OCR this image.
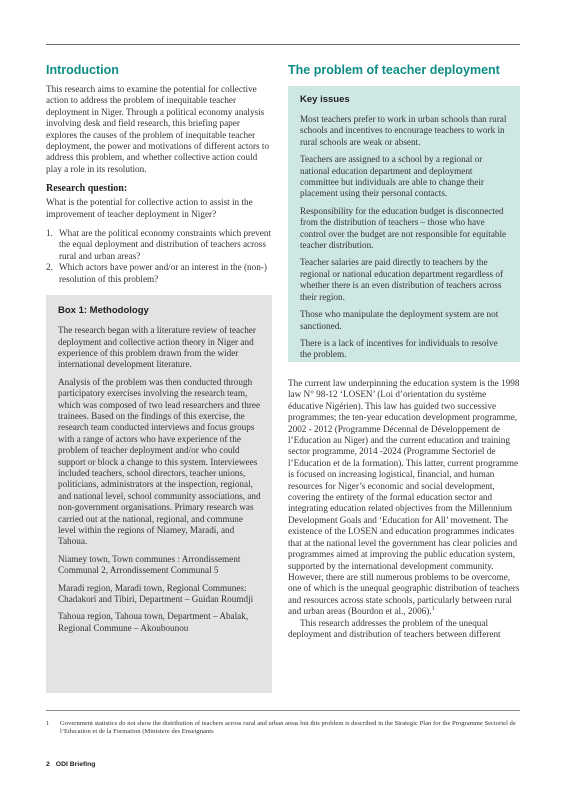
Introduction

This research aims to examine the potential for collective action to address the problem of inequitable teacher deployment in Niger. Through a political economy analysis involving desk and field research, this briefing paper explores the causes of the problem of inequitable teacher deployment, the power and motivations of different actors to address this problem, and whether collective action could play a role in its resolution.

Research question:

What is the potential for collective action to assist in the improvement of teacher deployment in Niger?

1. What are the political economy constraints which prevent the equal deployment and distribution of teachers across rural and urban areas?
2. Which actors have power and/or an interest in the (non-) resolution of this problem?
Box 1: Methodology

The research began with a literature review of teacher deployment and collective action theory in Niger and experience of this problem drawn from the wider international development literature.

Analysis of the problem was then conducted through participatory exercises involving the research team, which was composed of two lead researchers and three trainees. Based on the findings of this exercise, the research team conducted interviews and focus groups with a range of actors who have experience of the problem of teacher deployment and/or who could support or block a change to this system. Interviewees included teachers, school directors, teacher unions, politicians, administrators at the inspection, regional, and national level, school community associations, and non-government organisations. Primary research was carried out at the national, regional, and commune level within the regions of Niamey, Maradi, and Tahoua.

Niamey town, Town communes : Arrondissement Communal 2, Arrondissement Communal 5

Maradi region, Maradi town, Regional Communes: Chadakori and Tibiri, Department – Guidan Roumdji

Tahoua region, Tahoua town, Department – Abalak, Regional Commune – Akoubounou

The problem of teacher deployment
Key issues

Most teachers prefer to work in urban schools than rural schools and incentives to encourage teachers to work in rural schools are weak or absent.

Teachers are assigned to a school by a regional or national education department and deployment committee but individuals are able to change their placement using their personal contacts.

Responsibility for the education budget is disconnected from the distribution of teachers – those who have control over the budget are not responsible for equitable teacher distribution.

Teacher salaries are paid directly to teachers by the regional or national education department regardless of whether there is an even distribution of teachers across their region.

Those who manipulate the deployment system are not sanctioned.

There is a lack of incentives for individuals to resolve the problem.

The current law underpinning the education system is the 1998 law N° 98-12 ‘LOSEN’ (Loi d’orientation du système éducative Nigérien). This law has guided two successive programmes; the ten-year education development programme, 2002 - 2012 (Programme Décennal de Développement de l’Education au Niger) and the current education and training sector programme, 2014 -2024 (Programme Sectoriel de l’Education et de la formation). This latter, current programme is focused on increasing logistical, financial, and human resources for Niger’s economic and social development, covering the entirety of the formal education sector and integrating education related objectives from the Millennium Development Goals and ‘Education for All’ movement. The existence of the LOSEN and education programmes indicates that at the national level the government has clear policies and programmes aimed at improving the public education system, supported by the international development community. However, there are still numerous problems to be overcome, one of which is the unequal geographic distribution of teachers and resources across state schools, particularly between rural and urban areas (Bourdon et al., 2006).$^1$

This research addresses the problem of the unequal deployment and distribution of teachers between different

1	Government statistics do not show the distribution of teachers across rural and urban areas but this problem is described in the Strategic Plan for the Programme Sectoriel de l’Education et de la Formation (Ministere des Enseignants
2 ODI Briefing
